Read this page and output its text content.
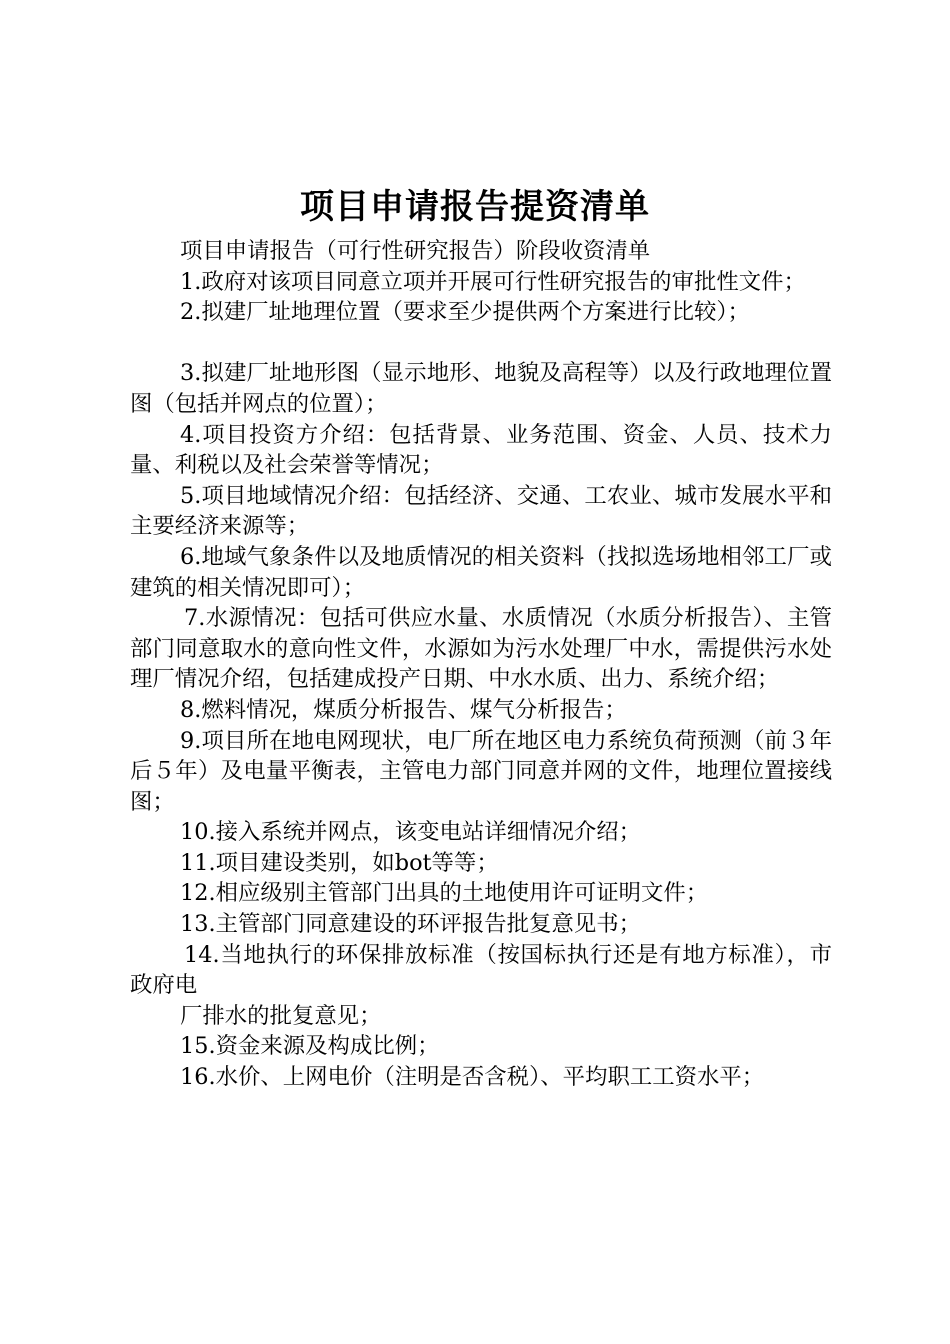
项目申请报告提资清单

项目申请报告（可行性研究报告）阶段收资清单

1.政府对该项目同意立项并开展可行性研究报告的审批性文件；

2.拟建厂址地理位置（要求至少提供两个方案进行比较）；

3.拟建厂址地形图（显示地形、地貌及高程等）以及行政地理位置图（包括并网点的位置）；

4.项目投资方介绍：包括背景、业务范围、资金、人员、技术力量、利税以及社会荣誉等情况；

5.项目地域情况介绍：包括经济、交通、工农业、城市发展水平和主要经济来源等；

6.地域气象条件以及地质情况的相关资料（找拟选场地相邻工厂或建筑的相关情况即可）；

7.水源情况：包括可供应水量、水质情况（水质分析报告）、主管部门同意取水的意向性文件，水源如为污水处理厂中水，需提供污水处理厂情况介绍，包括建成投产日期、中水水质、出力、系统介绍；

8.燃料情况，煤质分析报告、煤气分析报告；

9.项目所在地电网现状，电厂所在地区电力系统负荷预测（前３年后５年）及电量平衡表，主管电力部门同意并网的文件，地理位置接线图；

10.接入系统并网点，该变电站详细情况介绍；

11.项目建设类别，如bot等等；

12.相应级别主管部门出具的土地使用许可证明文件；

13.主管部门同意建设的环评报告批复意见书；

14.当地执行的环保排放标准（按国标执行还是有地方标准），市政府电

厂排水的批复意见；

15.资金来源及构成比例；

16.水价、上网电价（注明是否含税）、平均职工工资水平；
